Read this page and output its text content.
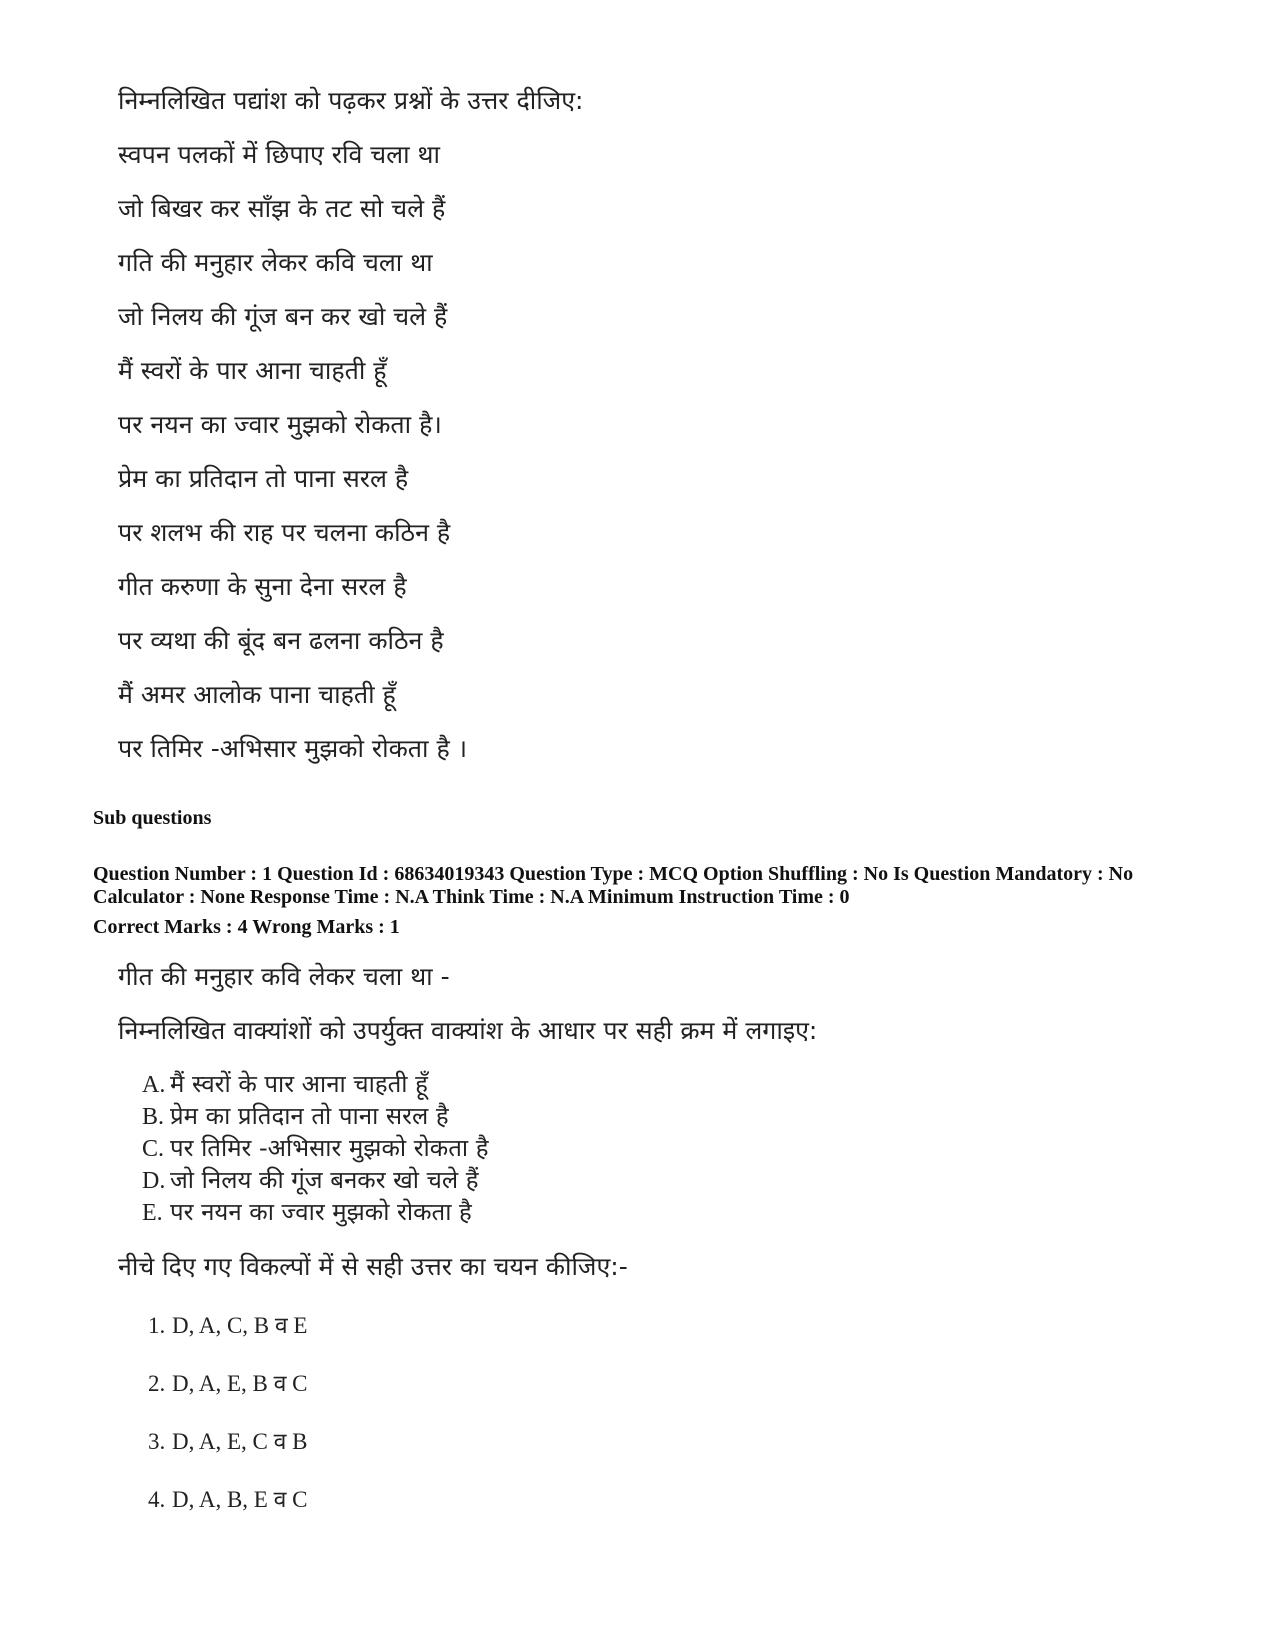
निम्नलिखित पद्यांश को पढ़कर प्रश्नों के उत्तर दीजिए:
स्वपन पलकों में छिपाए रवि चला था
जो बिखर कर साँझ के तट सो चले हैं
गति की मनुहार लेकर कवि चला था
जो निलय की गूंज बन कर खो चले हैं
मैं स्वरों के पार आना चाहती हूँ
पर नयन का ज्वार मुझको रोकता है।
प्रेम का प्रतिदान तो पाना सरल है
पर शलभ की राह पर चलना कठिन है
गीत करुणा के सुना देना सरल है
पर व्यथा की बूंद बन ढलना कठिन है
मैं अमर आलोक पाना चाहती हूँ
पर तिमिर -अभिसार मुझको रोकता है ।
Sub questions
Question Number : 1 Question Id : 68634019343 Question Type : MCQ Option Shuffling : No Is Question Mandatory : No Calculator : None Response Time : N.A Think Time : N.A Minimum Instruction Time : 0
Correct Marks : 4 Wrong Marks : 1
गीत की मनुहार कवि लेकर चला था -
निम्नलिखित वाक्यांशों को उपर्युक्त वाक्यांश के आधार पर सही क्रम में लगाइए:
A. मैं स्वरों के पार आना चाहती हूँ
B. प्रेम का प्रतिदान तो पाना सरल है
C. पर तिमिर -अभिसार मुझको रोकता है
D. जो निलय की गूंज बनकर खो चले हैं
E. पर नयन का ज्वार मुझको रोकता है
नीचे दिए गए विकल्पों में से सही उत्तर का चयन कीजिए:-
1. D, A, C, B व E
2. D, A, E, B व C
3. D, A, E, C व B
4. D, A, B, E व C
